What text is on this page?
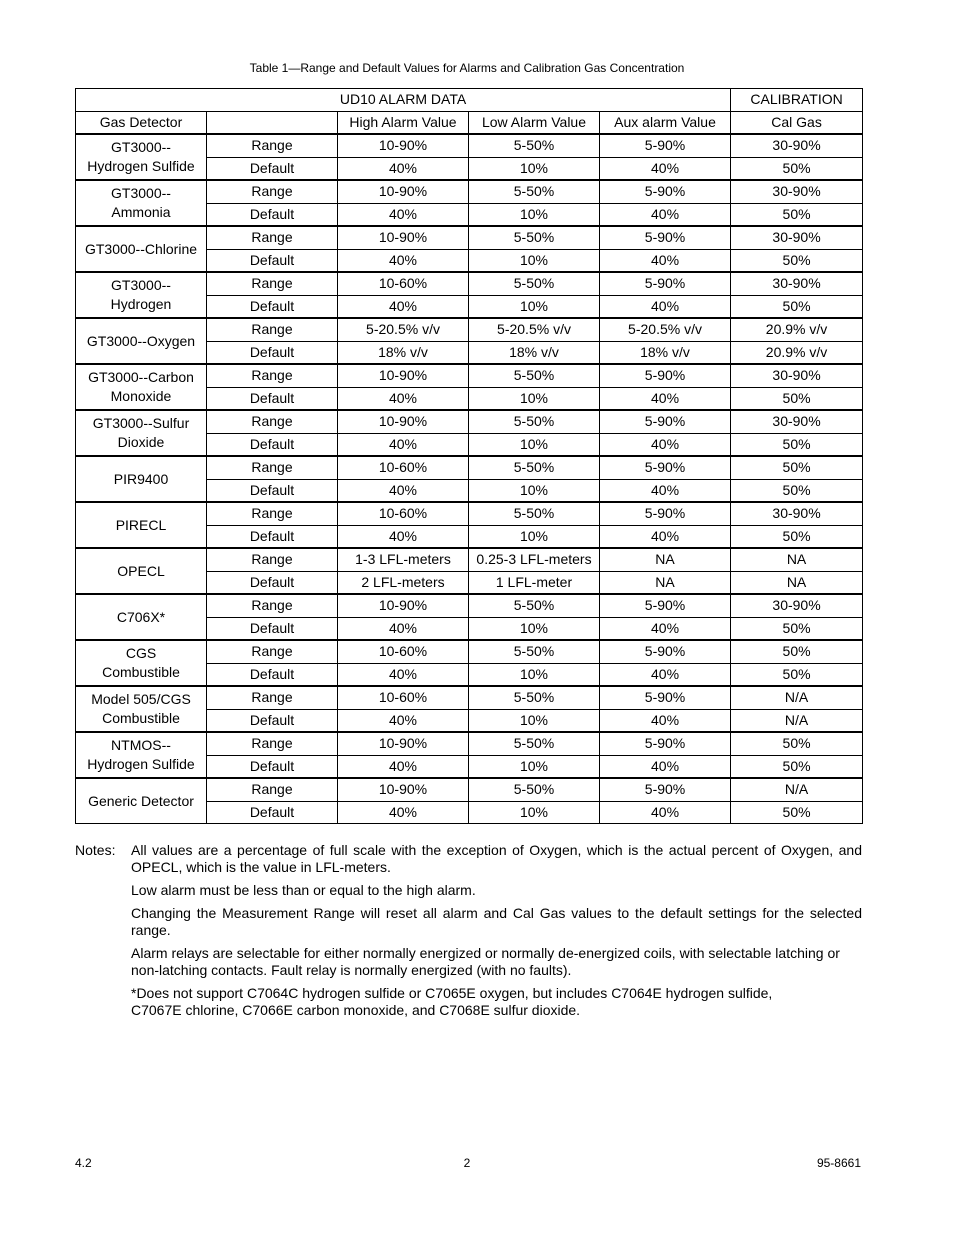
Table 1—Range and Default Values for Alarms and Calibration Gas Concentration
UD10 ALARM DATA					CALIBRATION
Gas Detector		High Alarm Value	Low Alarm Value	Aux alarm Value	Cal Gas
GT3000--
Hydrogen Sulfide	Range	10-90%	5-50%	5-90%	30-90%
	Default	40%	10%	40%	50%
GT3000--
Ammonia	Range	10-90%	5-50%	5-90%	30-90%
	Default	40%	10%	40%	50%
GT3000--Chlorine	Range	10-90%	5-50%	5-90%	30-90%
	Default	40%	10%	40%	50%
GT3000--
Hydrogen	Range	10-60%	5-50%	5-90%	30-90%
	Default	40%	10%	40%	50%
GT3000--Oxygen	Range	5-20.5% v/v	5-20.5% v/v	5-20.5% v/v	20.9% v/v
	Default	18% v/v	18% v/v	18% v/v	20.9% v/v
GT3000--Carbon
Monoxide	Range	10-90%	5-50%	5-90%	30-90%
	Default	40%	10%	40%	50%
GT3000--Sulfur
Dioxide	Range	10-90%	5-50%	5-90%	30-90%
	Default	40%	10%	40%	50%
PIR9400	Range	10-60%	5-50%	5-90%	50%
	Default	40%	10%	40%	50%
PIRECL	Range	10-60%	5-50%	5-90%	30-90%
	Default	40%	10%	40%	50%
OPECL	Range	1-3 LFL-meters	0.25-3 LFL-meters	NA	NA
	Default	2 LFL-meters	1 LFL-meter	NA	NA
C706X*	Range	10-90%	5-50%	5-90%	30-90%
	Default	40%	10%	40%	50%
CGS
Combustible	Range	10-60%	5-50%	5-90%	50%
	Default	40%	10%	40%	50%
Model 505/CGS
Combustible	Range	10-60%	5-50%	5-90%	N/A
	Default	40%	10%	40%	N/A
NTMOS--
Hydrogen Sulfide	Range	10-90%	5-50%	5-90%	50%
	Default	40%	10%	40%	50%
Generic Detector	Range	10-90%	5-50%	5-90%	N/A
	Default	40%	10%	40%	50%
Notes: All values are a percentage of full scale with the exception of Oxygen, which is the actual percent of Oxygen, and OPECL, which is the value in LFL-meters.

Low alarm must be less than or equal to the high alarm.

Changing the Measurement Range will reset all alarm and Cal Gas values to the default settings for the selected range.

Alarm relays are selectable for either normally energized or normally de-energized coils, with selectable latching or non-latching contacts. Fault relay is normally energized (with no faults).

*Does not support C7064C hydrogen sulfide or C7065E oxygen, but includes C7064E hydrogen sulfide,
C7067E chlorine, C7066E carbon monoxide, and C7068E sulfur dioxide.

4.2	2	95-8661
